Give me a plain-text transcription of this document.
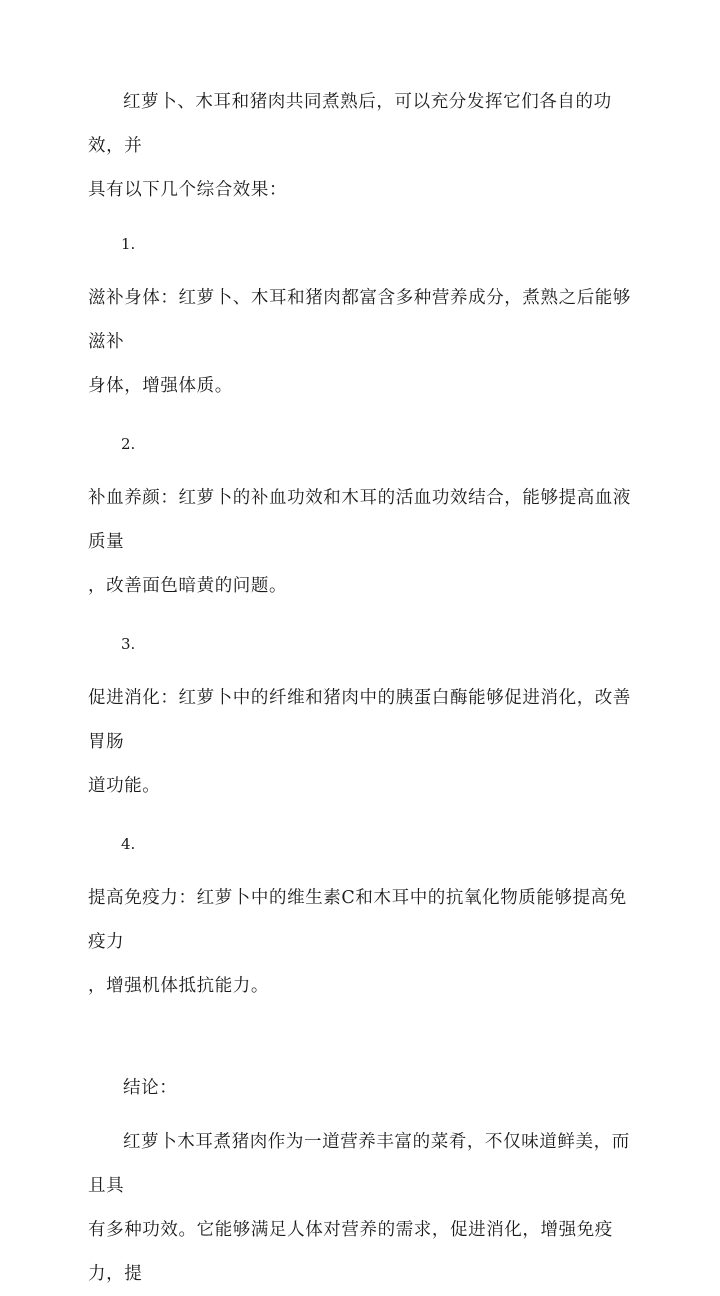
红萝卜、木耳和猪肉共同煮熟后，可以充分发挥它们各自的功效，并

具有以下几个综合效果：

1.

滋补身体：红萝卜、木耳和猪肉都富含多种营养成分，煮熟之后能够滋补

身体，增强体质。

2.

补血养颜：红萝卜的补血功效和木耳的活血功效结合，能够提高血液质量

，改善面色暗黄的问题。

3.

促进消化：红萝卜中的纤维和猪肉中的胰蛋白酶能够促进消化，改善胃肠

道功能。

4.

提高免疫力：红萝卜中的维生素C和木耳中的抗氧化物质能够提高免疫力

，增强机体抵抗能力。

结论：

红萝卜木耳煮猪肉作为一道营养丰富的菜肴，不仅味道鲜美，而且具

有多种功效。它能够满足人体对营养的需求，促进消化，增强免疫力，提
